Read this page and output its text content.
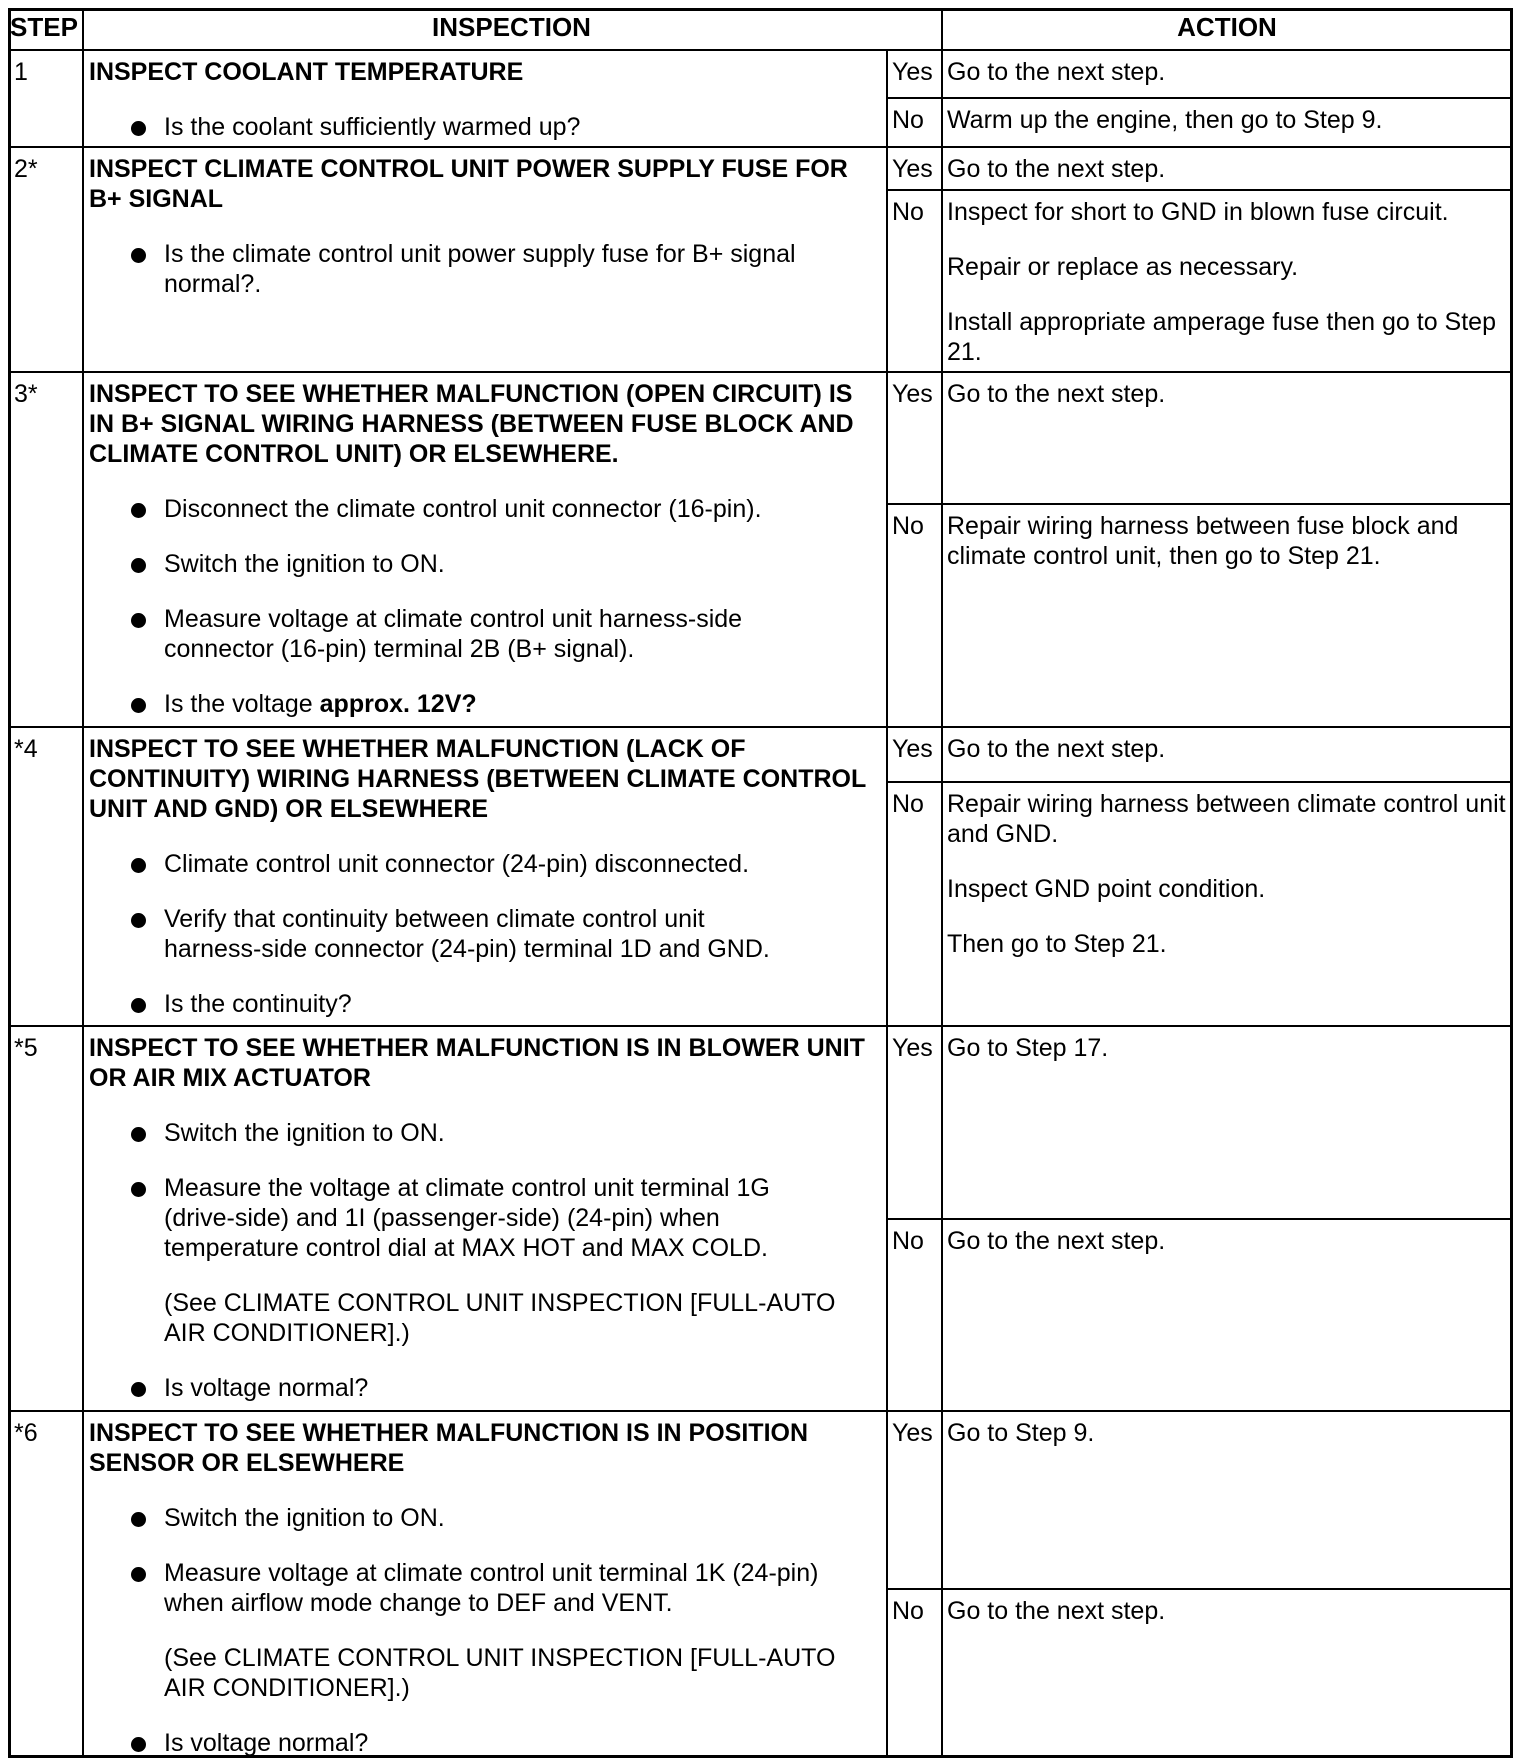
STEP	INSPECTION	ACTION
1 INSPECT COOLANT TEMPERATURE
Is the coolant sufficiently warmed up?
Yes Go to the next step.
No Warm up the engine, then go to Step 9.
2* INSPECT CLIMATE CONTROL UNIT POWER SUPPLY FUSE FOR
B+ SIGNAL
Is the climate control unit power supply fuse for B+ signal
normal?.
Yes Go to the next step.
No Inspect for short to GND in blown fuse circuit.
Repair or replace as necessary.
Install appropriate amperage fuse then go to Step
21.
3* INSPECT TO SEE WHETHER MALFUNCTION (OPEN CIRCUIT) IS
IN B+ SIGNAL WIRING HARNESS (BETWEEN FUSE BLOCK AND
CLIMATE CONTROL UNIT) OR ELSEWHERE.
Disconnect the climate control unit connector (16-pin).
Switch the ignition to ON.
Measure voltage at climate control unit harness-side
connector (16-pin) terminal 2B (B+ signal).
Is the voltage approx. 12V?
Yes Go to the next step.
No Repair wiring harness between fuse block and
climate control unit, then go to Step 21.
*4 INSPECT TO SEE WHETHER MALFUNCTION (LACK OF
CONTINUITY) WIRING HARNESS (BETWEEN CLIMATE CONTROL
UNIT AND GND) OR ELSEWHERE
Climate control unit connector (24-pin) disconnected.
Verify that continuity between climate control unit
harness-side connector (24-pin) terminal 1D and GND.
Is the continuity?
Yes Go to the next step.
No Repair wiring harness between climate control unit
and GND.
Inspect GND point condition.
Then go to Step 21.
*5 INSPECT TO SEE WHETHER MALFUNCTION IS IN BLOWER UNIT
OR AIR MIX ACTUATOR
Switch the ignition to ON.
Measure the voltage at climate control unit terminal 1G
(drive-side) and 1I (passenger-side) (24-pin) when
temperature control dial at MAX HOT and MAX COLD.
(See CLIMATE CONTROL UNIT INSPECTION [FULL-AUTO
AIR CONDITIONER].)
Is voltage normal?
Yes Go to Step 17.
No Go to the next step.
*6 INSPECT TO SEE WHETHER MALFUNCTION IS IN POSITION
SENSOR OR ELSEWHERE
Switch the ignition to ON.
Measure voltage at climate control unit terminal 1K (24-pin)
when airflow mode change to DEF and VENT.
(See CLIMATE CONTROL UNIT INSPECTION [FULL-AUTO
AIR CONDITIONER].)
Is voltage normal?
Yes Go to Step 9.
No Go to the next step.
